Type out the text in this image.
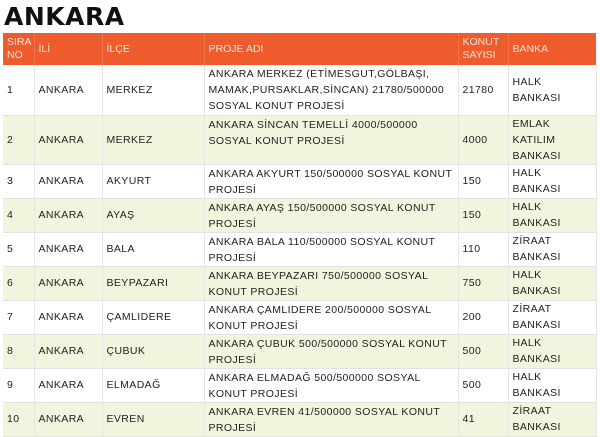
ANKARA
SIRA NO	İLİ	İLÇE	PROJE ADI	KONUT SAYISI	BANKA
1	ANKARA	MERKEZ	ANKARA MERKEZ (ETİMESGUT,GÖLBAŞI, MAMAK,PURSAKLAR,SİNCAN) 21780/500000 SOSYAL KONUT PROJESİ	21780	HALK BANKASI
2	ANKARA	MERKEZ	ANKARA SİNCAN TEMELLİ 4000/500000 SOSYAL KONUT PROJESİ	4000	EMLAK KATILIM BANKASI
3	ANKARA	AKYURT	ANKARA AKYURT 150/500000 SOSYAL KONUT PROJESİ	150	HALK BANKASI
4	ANKARA	AYAŞ	ANKARA AYAŞ 150/500000 SOSYAL KONUT PROJESİ	150	HALK BANKASI
5	ANKARA	BALA	ANKARA BALA 110/500000 SOSYAL KONUT PROJESİ	110	ZİRAAT BANKASI
6	ANKARA	BEYPAZARI	ANKARA BEYPAZARI 750/500000 SOSYAL KONUT PROJESİ	750	HALK BANKASI
7	ANKARA	ÇAMLIDERE	ANKARA ÇAMLIDERE 200/500000 SOSYAL KONUT PROJESİ	200	ZİRAAT BANKASI
8	ANKARA	ÇUBUK	ANKARA ÇUBUK 500/500000 SOSYAL KONUT PROJESİ	500	HALK BANKASI
9	ANKARA	ELMADAĞ	ANKARA ELMADAĞ 500/500000 SOSYAL KONUT PROJESİ	500	HALK BANKASI
10	ANKARA	EVREN	ANKARA EVREN 41/500000 SOSYAL KONUT PROJESİ	41	ZİRAAT BANKASI
